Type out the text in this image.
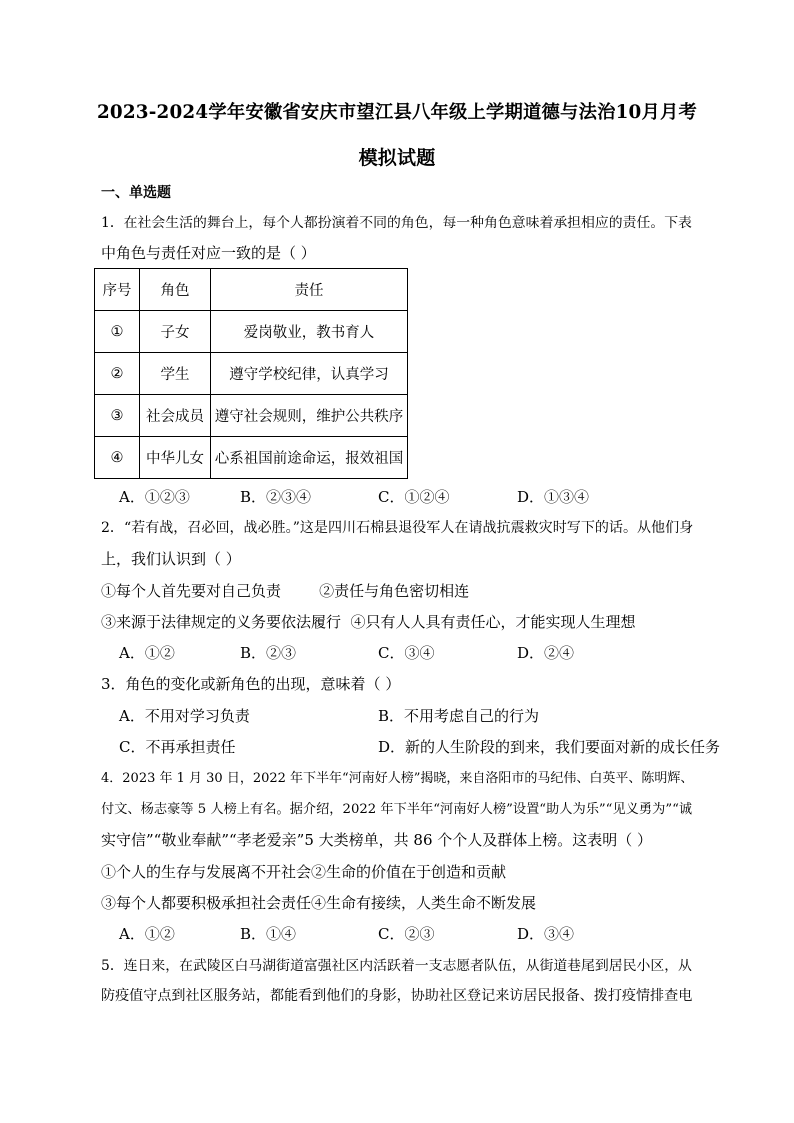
2023-2024学年安徽省安庆市望江县八年级上学期道德与法治10月月考
模拟试题
一、单选题
1．在社会生活的舞台上，每个人都扮演着不同的角色，每一种角色意味着承担相应的责任。下表
中角色与责任对应一致的是（ ）
序号	角色	责任
①	子女	爱岗敬业，教书育人
②	学生	遵守学校纪律，认真学习
③	社会成员	遵守社会规则，维护公共秩序
④	中华儿女	心系祖国前途命运，报效祖国
A．①②③	B．②③④	C．①②④	D．①③④
2．“若有战，召必回，战必胜。”这是四川石棉县退役军人在请战抗震救灾时写下的话。从他们身
上，我们认识到（ ）
①每个人首先要对自己负责        ②责任与角色密切相连
③来源于法律规定的义务要依法履行  ④只有人人具有责任心，才能实现人生理想
A．①②	B．②③	C．③④	D．②④
3．角色的变化或新角色的出现，意味着（ ）
A．不用对学习负责	B．不用考虑自己的行为
C．不再承担责任	D．新的人生阶段的到来，我们要面对新的成长任务
4．2023 年 1 月 30 日，2022 年下半年“河南好人榜”揭晓，来自洛阳市的马纪伟、白英平、陈明辉、
付文、杨志豪等 5 人榜上有名。据介绍，2022 年下半年“河南好人榜”设置“助人为乐”“见义勇为”“诚
实守信”“敬业奉献”“孝老爱亲”5 大类榜单，共 86 个个人及群体上榜。这表明（ ）
①个人的生存与发展离不开社会②生命的价值在于创造和贡献
③每个人都要积极承担社会责任④生命有接续，人类生命不断发展
A．①②	B．①④	C．②③	D．③④
5．连日来，在武陵区白马湖街道富强社区内活跃着一支志愿者队伍，从街道巷尾到居民小区，从
防疫值守点到社区服务站，都能看到他们的身影，协助社区登记来访居民报备、拨打疫情排查电
